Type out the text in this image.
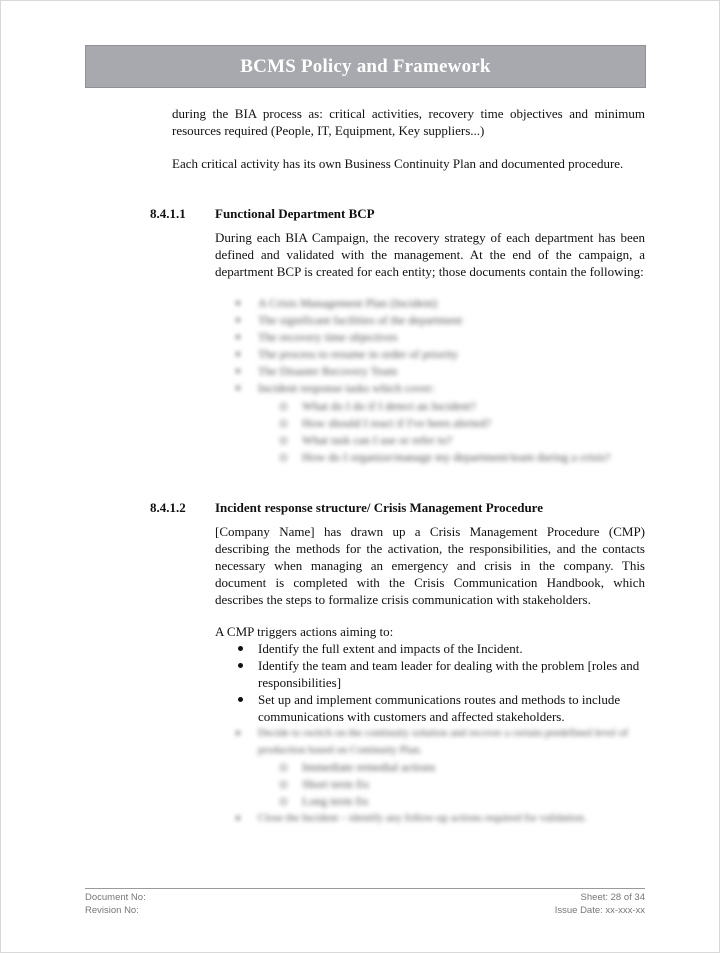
BCMS Policy and Framework
during the BIA process as: critical activities, recovery time objectives and minimum resources required (People, IT, Equipment, Key suppliers...)
Each critical activity has its own Business Continuity Plan and documented procedure.
8.4.1.1 Functional Department BCP
During each BIA Campaign, the recovery strategy of each department has been defined and validated with the management. At the end of the campaign, a department BCP is created for each entity; those documents contain the following:
A Crisis Management Plan (Incident)
The significant facilities of the department
The recovery time objectives
The process to resume in order of priority
The Disaster Recovery Team
Incident response tasks which cover:
What do I do if I detect an Incident?
How should I react if I've been alerted?
What task can I use or refer to?
How do I organize/manage my department/team during a crisis?
8.4.1.2 Incident response structure/ Crisis Management Procedure
[Company Name] has drawn up a Crisis Management Procedure (CMP) describing the methods for the activation, the responsibilities, and the contacts necessary when managing an emergency and crisis in the company. This document is completed with the Crisis Communication Handbook, which describes the steps to formalize crisis communication with stakeholders.
A CMP triggers actions aiming to:
Identify the full extent and impacts of the Incident.
Identify the team and team leader for dealing with the problem [roles and responsibilities]
Set up and implement communications routes and methods to include communications with customers and affected stakeholders.
Decide to switch on the continuity solution and recover a certain predefined level of production based on Continuity Plan.
Immediate remedial actions
Short term fix
Long term fix
Close the Incident – identify any follow-up actions required for validation.
Document No:
Revision No:
Sheet: 28 of 34
Issue Date: xx-xxx-xx
